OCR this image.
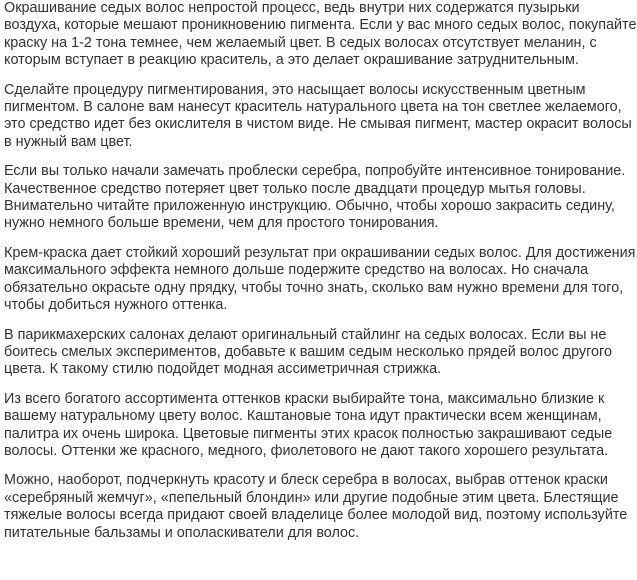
Окрашивание седых волос непростой процесс, ведь внутри них содержатся пузырьки воздуха, которые мешают проникновению пигмента. Если у вас много седых волос, покупайте краску на 1-2 тона темнее, чем желаемый цвет. В седых волосах отсутствует меланин, с которым вступает в реакцию краситель, а это делает окрашивание затруднительным.

Сделайте процедуру пигментирования, это насыщает волосы искусственным цветным пигментом. В салоне вам нанесут краситель натурального цвета на тон светлее желаемого, это средство идет без окислителя в чистом виде. Не смывая пигмент, мастер окрасит волосы в нужный вам цвет.

Если вы только начали замечать проблески серебра, попробуйте интенсивное тонирование. Качественное средство потеряет цвет только после двадцати процедур мытья головы. Внимательно читайте приложенную инструкцию. Обычно, чтобы хорошо закрасить седину, нужно немного больше времени, чем для простого тонирования.

Крем-краска дает стойкий хороший результат при окрашивании седых волос. Для достижения максимального эффекта немного дольше подержите средство на волосах. Но сначала обязательно окрасьте одну прядку, чтобы точно знать, сколько вам нужно времени для того, чтобы добиться нужного оттенка.

В парикмахерских салонах делают оригинальный стайлинг на седых волосах. Если вы не боитесь смелых экспериментов, добавьте к вашим седым несколько прядей волос другого цвета. К такому стилю подойдет модная ассиметричная стрижка.

Из всего богатого ассортимента оттенков краски выбирайте тона, максимально близкие к вашему натуральному цвету волос. Каштановые тона идут практически всем женщинам, палитра их очень широка. Цветовые пигменты этих красок полностью закрашивают седые волосы. Оттенки же красного, медного, фиолетового не дают такого хорошего результата.

Можно, наоборот, подчеркнуть красоту и блеск серебра в волосах, выбрав оттенок краски «серебряный жемчуг», «пепельный блондин» или другие подобные этим цвета. Блестящие тяжелые волосы всегда придают своей владелице более молодой вид, поэтому используйте питательные бальзамы и ополаскиватели для волос.
